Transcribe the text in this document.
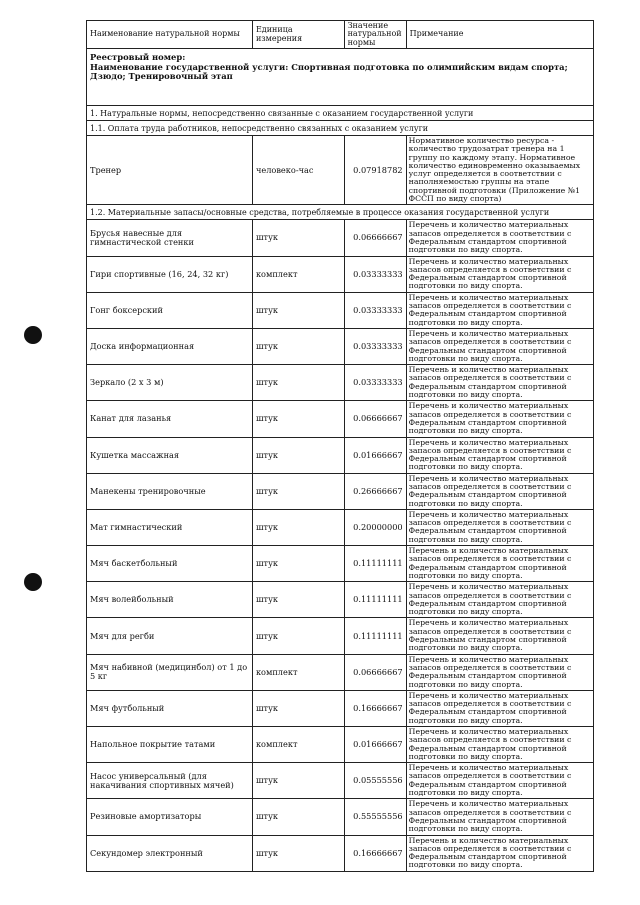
Наименование натуральной нормы	Единица измерения	Значение натуральной нормы	Примечание

Реестровый номер:
Наименование государственной услуги: Спортивная подготовка по олимпийским видам спорта; Дзюдо; Тренировочный этап			

1. Натуральные нормы, непосредственно связанные с оказанием государственной услуги			
1.1. Оплата труда работников, непосредственно связанных с оказанием услуги			
Тренер	человеко-час	0.07918782	Нормативное количество ресурса - количество трудозатрат тренера на 1 группу по каждому этапу. Нормативное количество единовременно оказываемых услуг определяется в соответствии с наполняемостью группы на этапе спортивной подготовки (Приложение №1 ФССП по виду спорта)
1.2. Материальные запасы/основные средства, потребляемые в процессе оказания государственной услуги			
Брусья навесные для гимнастической стенки	штук	0.06666667	Перечень и количество материальных запасов определяется в соответствии с Федеральным стандартом спортивной подготовки по виду спорта.
Гири спортивные (16, 24, 32 кг)	комплект	0.03333333	Перечень и количество материальных запасов определяется в соответствии с Федеральным стандартом спортивной подготовки по виду спорта.
Гонг боксерский	штук	0.03333333	Перечень и количество материальных запасов определяется в соответствии с Федеральным стандартом спортивной подготовки по виду спорта.
Доска информационная	штук	0.03333333	Перечень и количество материальных запасов определяется в соответствии с Федеральным стандартом спортивной подготовки по виду спорта.
Зеркало (2 х 3 м)	штук	0.03333333	Перечень и количество материальных запасов определяется в соответствии с Федеральным стандартом спортивной подготовки по виду спорта.
Канат для лазанья	штук	0.06666667	Перечень и количество материальных запасов определяется в соответствии с Федеральным стандартом спортивной подготовки по виду спорта.
Кушетка массажная	штук	0.01666667	Перечень и количество материальных запасов определяется в соответствии с Федеральным стандартом спортивной подготовки по виду спорта.
Манекены тренировочные	штук	0.26666667	Перечень и количество материальных запасов определяется в соответствии с Федеральным стандартом спортивной подготовки по виду спорта.
Мат гимнастический	штук	0.20000000	Перечень и количество материальных запасов определяется в соответствии с Федеральным стандартом спортивной подготовки по виду спорта.
Мяч баскетбольный	штук	0.11111111	Перечень и количество материальных запасов определяется в соответствии с Федеральным стандартом спортивной подготовки по виду спорта.
Мяч волейбольный	штук	0.11111111	Перечень и количество материальных запасов определяется в соответствии с Федеральным стандартом спортивной подготовки по виду спорта.
Мяч для регби	штук	0.11111111	Перечень и количество материальных запасов определяется в соответствии с Федеральным стандартом спортивной подготовки по виду спорта.
Мяч набивной (медицинбол) от 1 до 5 кг	комплект	0.06666667	Перечень и количество материальных запасов определяется в соответствии с Федеральным стандартом спортивной подготовки по виду спорта.
Мяч футбольный	штук	0.16666667	Перечень и количество материальных запасов определяется в соответствии с Федеральным стандартом спортивной подготовки по виду спорта.
Напольное покрытие татами	комплект	0.01666667	Перечень и количество материальных запасов определяется в соответствии с Федеральным стандартом спортивной подготовки по виду спорта.
Насос универсальный (для накачивания спортивных мячей)	штук	0.05555556	Перечень и количество материальных запасов определяется в соответствии с Федеральным стандартом спортивной подготовки по виду спорта.
Резиновые амортизаторы	штук	0.55555556	Перечень и количество материальных запасов определяется в соответствии с Федеральным стандартом спортивной подготовки по виду спорта.
Секундомер электронный	штук	0.16666667	Перечень и количество материальных запасов определяется в соответствии с Федеральным стандартом спортивной подготовки по виду спорта.
